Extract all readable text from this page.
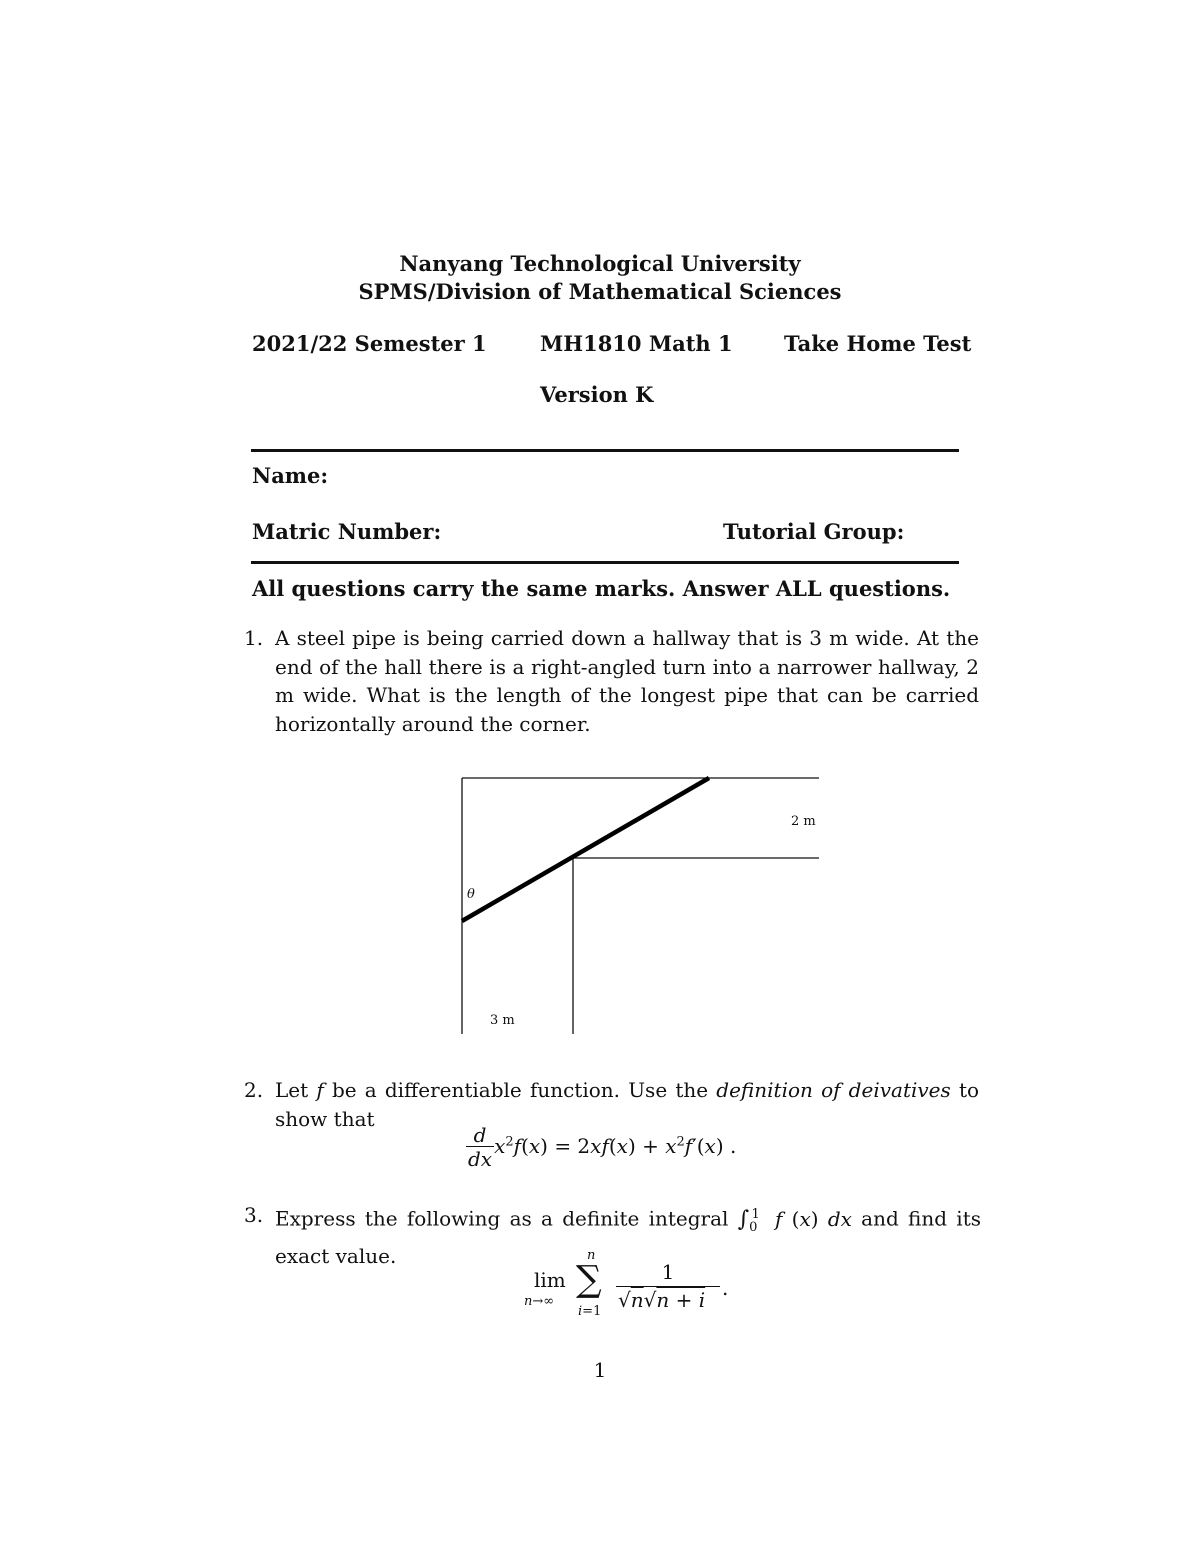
Nanyang Technological University
SPMS/Division of Mathematical Sciences
2021/22 Semester 1	MH1810 Math 1 Take Home Test
Version K
Name:
Matric Number:	Tutorial Group:
All questions carry the same marks. Answer ALL questions.
1. A steel pipe is being carried down a hallway that is 3 m wide. At the end of the hall there is a right-angled turn into a narrower hallway, 2 m wide. What is the length of the longest pipe that can be carried horizontally around the corner.
θ
2 m
3 m
2. Let f be a differentiable function. Use the definition of deivatives to show that
$\frac{d}{dx} x^2f(x) = 2xf(x) + x^2f'(x)$ .
3. Express the following as a definite integral $\int_0^1$ f (x) dx and find its exact value.
lim
n→∞
∑
n
i=1
1
√n√n + i .
1
